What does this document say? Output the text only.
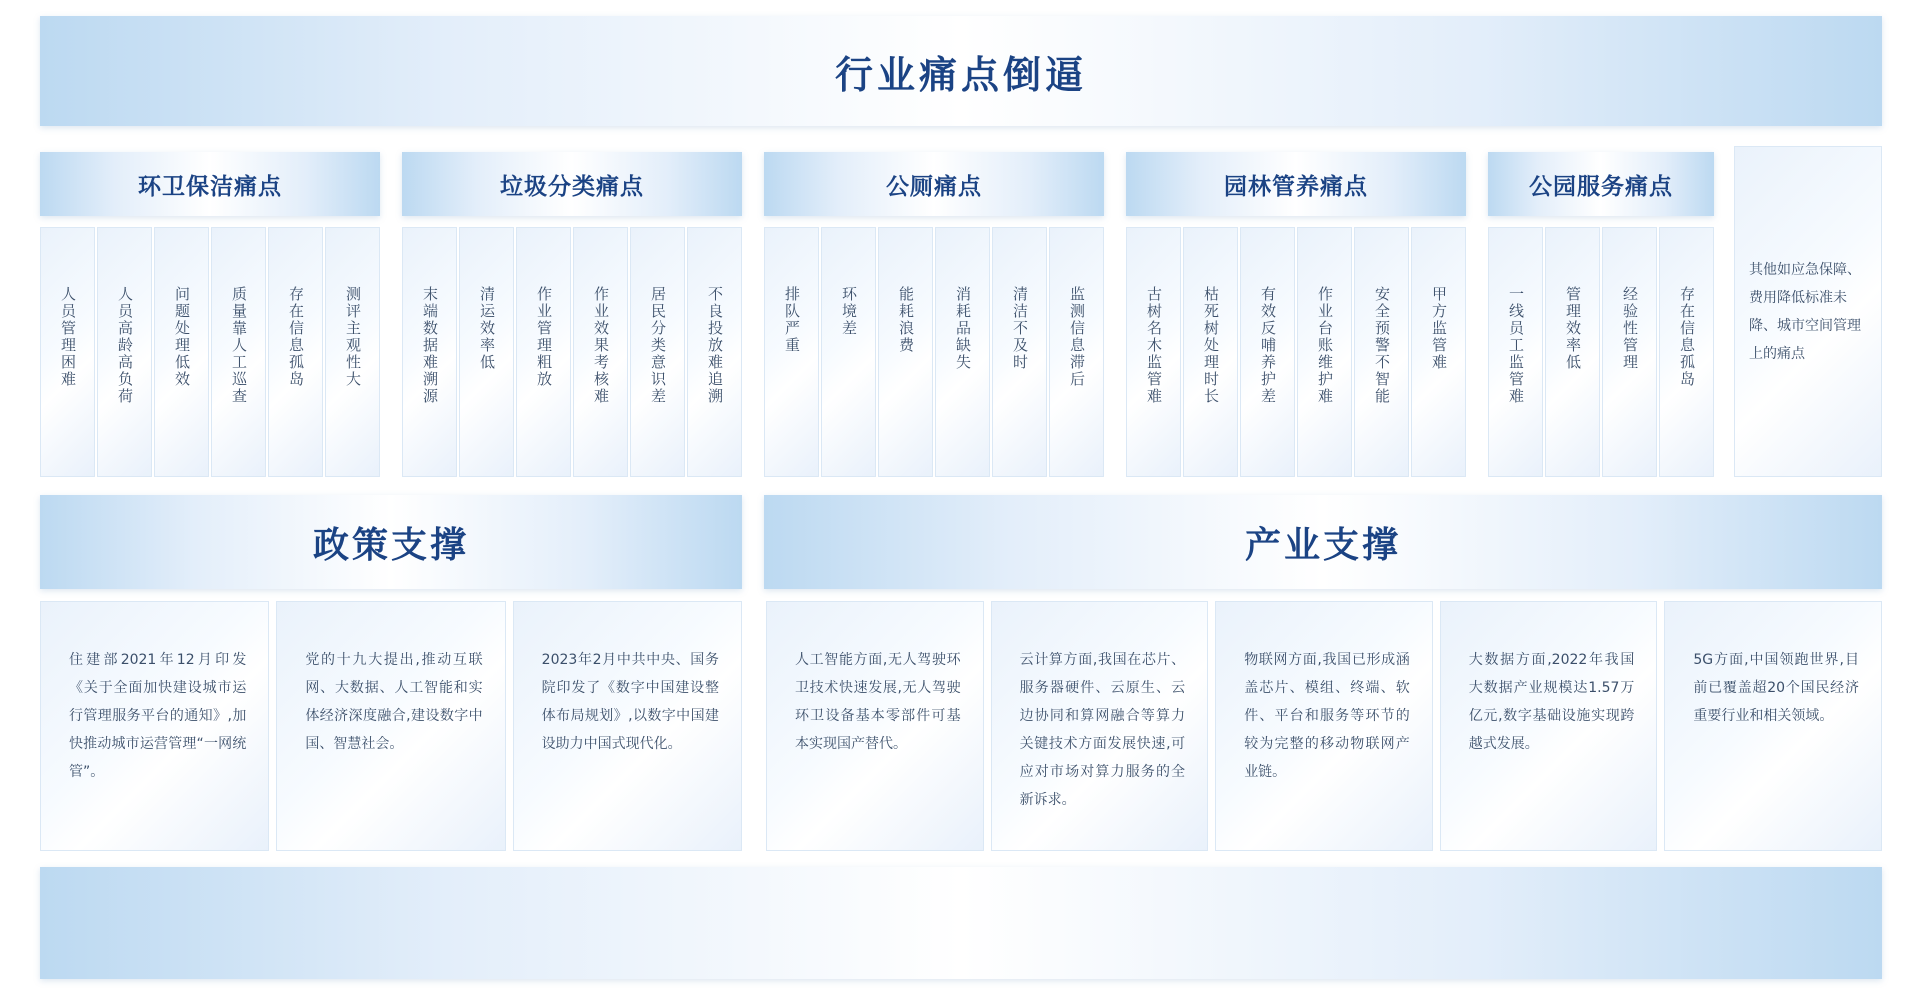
行业痛点倒逼
环卫保洁痛点
人员管理困难	人员高龄高负荷	问题处理低效	质量靠人工巡查	存在信息孤岛	测评主观性大
垃圾分类痛点
末端数据难溯源	清运效率低	作业管理粗放	作业效果考核难	居民分类意识差	不良投放难追溯
公厕痛点
排队严重	环境差	能耗浪费	消耗品缺失	清洁不及时	监测信息滞后
园林管养痛点
古树名木监管难	枯死树处理时长	有效反哺养护差	作业台账维护难	安全预警不智能	甲方监管难
公园服务痛点
一线员工监管难	管理效率低	经验性管理	存在信息孤岛
其他如应急保障、费用降低标准未降、城市空间管理上的痛点
政策支撑	产业支撑

住建部2021年12月印发《关于全面加快建设城市运行管理服务平台的通知》,加快推动城市运营管理“一网统管”。

党的十九大提出,推动互联网、大数据、人工智能和实体经济深度融合,建设数字中国、智慧社会。

2023年2月中共中央、国务院印发了《数字中国建设整体布局规划》,以数字中国建设助力中国式现代化。

人工智能方面,无人驾驶环卫技术快速发展,无人驾驶环卫设备基本零部件可基本实现国产替代。

云计算方面,我国在芯片、服务器硬件、云原生、云边协同和算网融合等算力关键技术方面发展快速,可应对市场对算力服务的全新诉求。

物联网方面,我国已形成涵盖芯片、模组、终端、软件、平台和服务等环节的较为完整的移动物联网产业链。

大数据方面,2022年我国大数据产业规模达1.57万亿元,数字基础设施实现跨越式发展。

5G方面,中国领跑世界,目前已覆盖超20个国民经济重要行业和相关领域。
